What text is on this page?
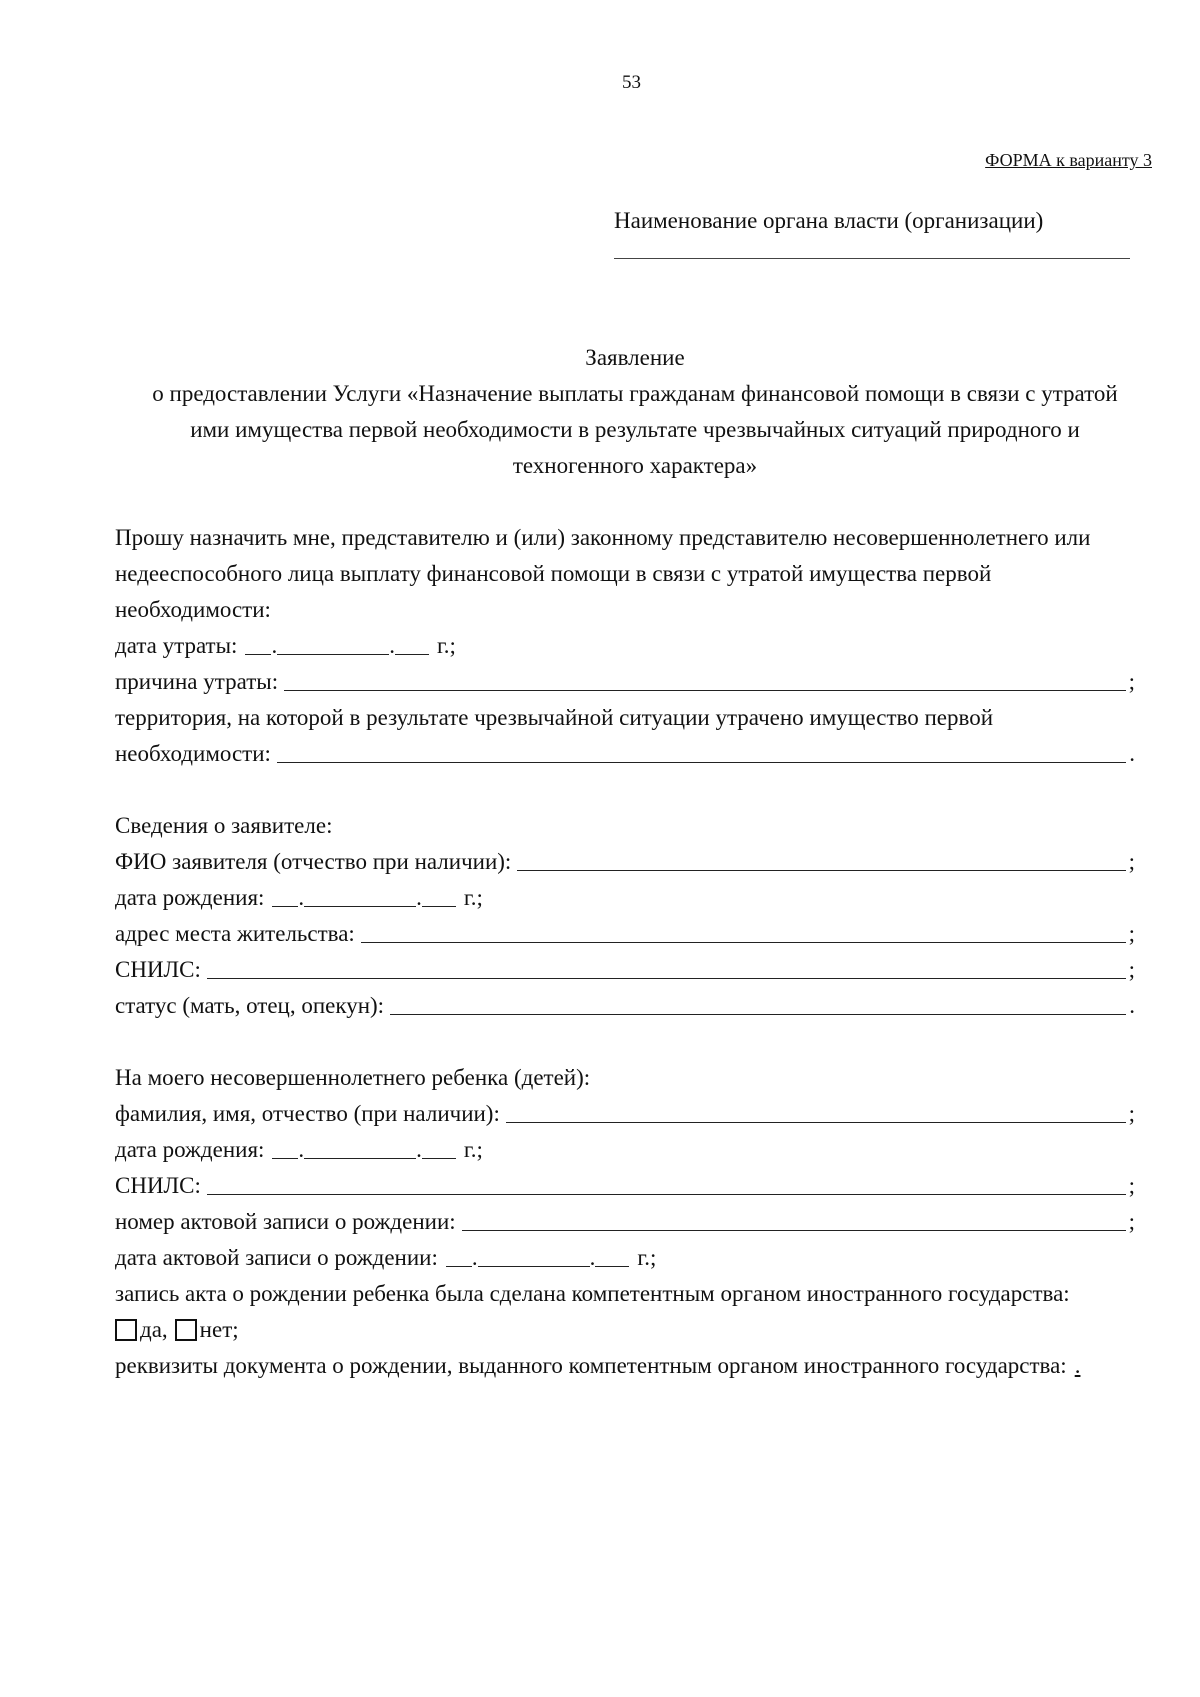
53
ФОРМА к варианту 3
Наименование органа власти (организации)
Заявление
о предоставлении Услуги «Назначение выплаты гражданам финансовой помощи в связи с утратой
ими имущества первой необходимости в результате чрезвычайных ситуаций природного и
техногенного характера»
Прошу назначить мне, представителю и (или) законному представителю несовершеннолетнего или недееспособного лица выплату финансовой помощи в связи с утратой имущества первой необходимости:
дата утраты: .	. г.;
причина утраты:	;
территория, на которой в результате чрезвычайной ситуации утрачено имущество первой
необходимости:	.
Сведения о заявителе:
ФИО заявителя (отчество при наличии):	;
дата рождения: .	. г.;
адрес места жительства:	;
СНИЛС:	;
статус (мать, отец, опекун):	.
На моего несовершеннолетнего ребенка (детей):
фамилия, имя, отчество (при наличии):	;
дата рождения: .	. г.;
СНИЛС:	;
номер актовой записи о рождении:	;
дата актовой записи о рождении: .	. г.;
запись акта о рождении ребенка была сделана компетентным органом иностранного государства:
да, нет;
реквизиты документа о рождении, выданного компетентным органом иностранного государства: .
